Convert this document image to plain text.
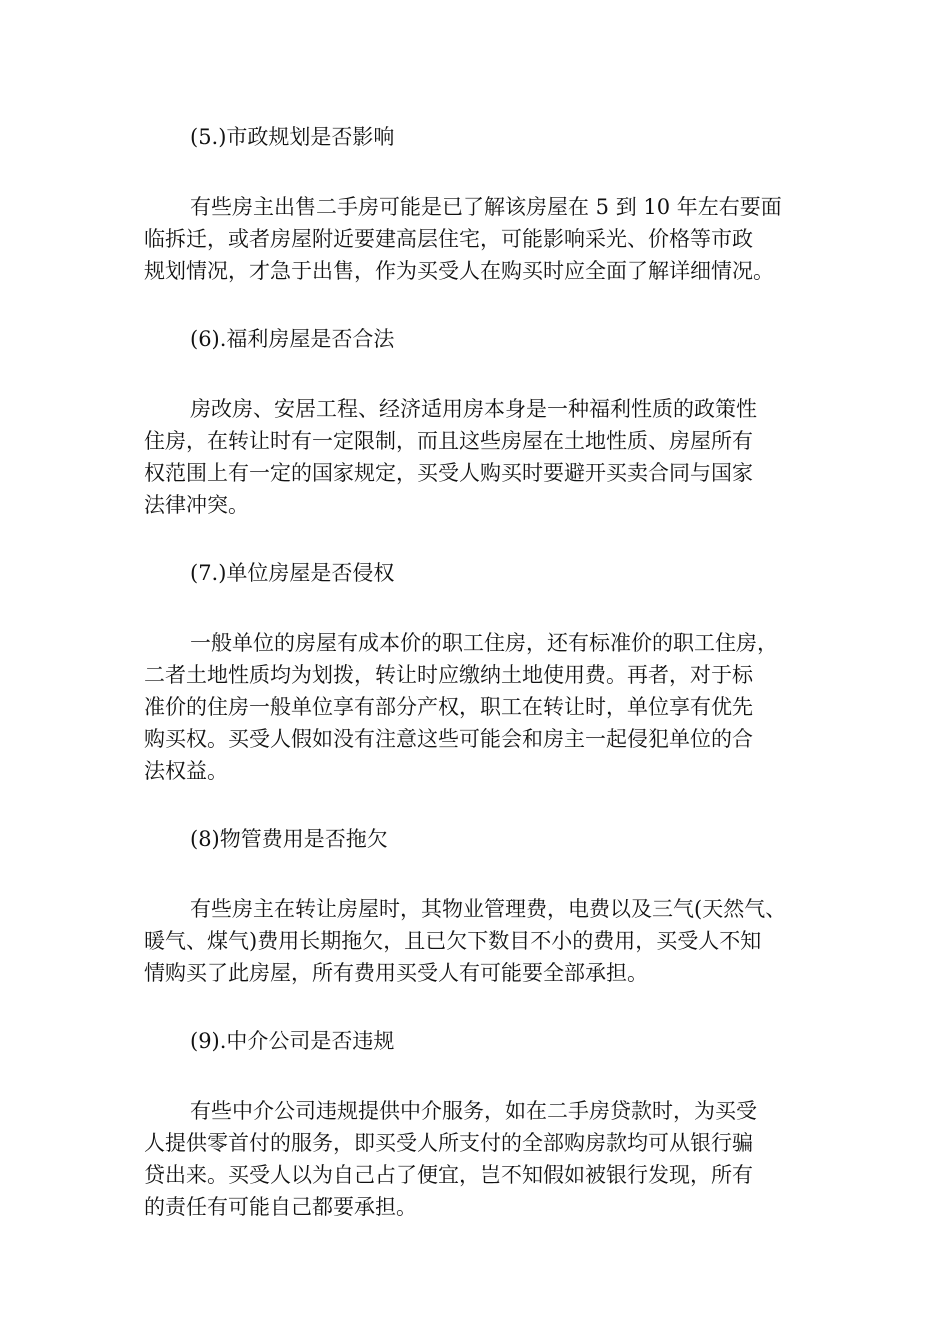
(5.)市政规划是否影响
有些房主出售二手房可能是已了解该房屋在 5 到 10 年左右要面
临拆迁，或者房屋附近要建高层住宅，可能影响采光、价格等市政
规划情况，才急于出售，作为买受人在购买时应全面了解详细情况。
(6).福利房屋是否合法
房改房、安居工程、经济适用房本身是一种福利性质的政策性
住房，在转让时有一定限制，而且这些房屋在土地性质、房屋所有
权范围上有一定的国家规定，买受人购买时要避开买卖合同与国家
法律冲突。
(7.)单位房屋是否侵权
一般单位的房屋有成本价的职工住房，还有标准价的职工住房，
二者土地性质均为划拨，转让时应缴纳土地使用费。再者，对于标
准价的住房一般单位享有部分产权，职工在转让时，单位享有优先
购买权。买受人假如没有注意这些可能会和房主一起侵犯单位的合
法权益。
(8)物管费用是否拖欠
有些房主在转让房屋时，其物业管理费，电费以及三气(天然气、
暖气、煤气)费用长期拖欠，且已欠下数目不小的费用，买受人不知
情购买了此房屋，所有费用买受人有可能要全部承担。
(9).中介公司是否违规
有些中介公司违规提供中介服务，如在二手房贷款时，为买受
人提供零首付的服务，即买受人所支付的全部购房款均可从银行骗
贷出来。买受人以为自己占了便宜，岂不知假如被银行发现，所有
的责任有可能自己都要承担。
